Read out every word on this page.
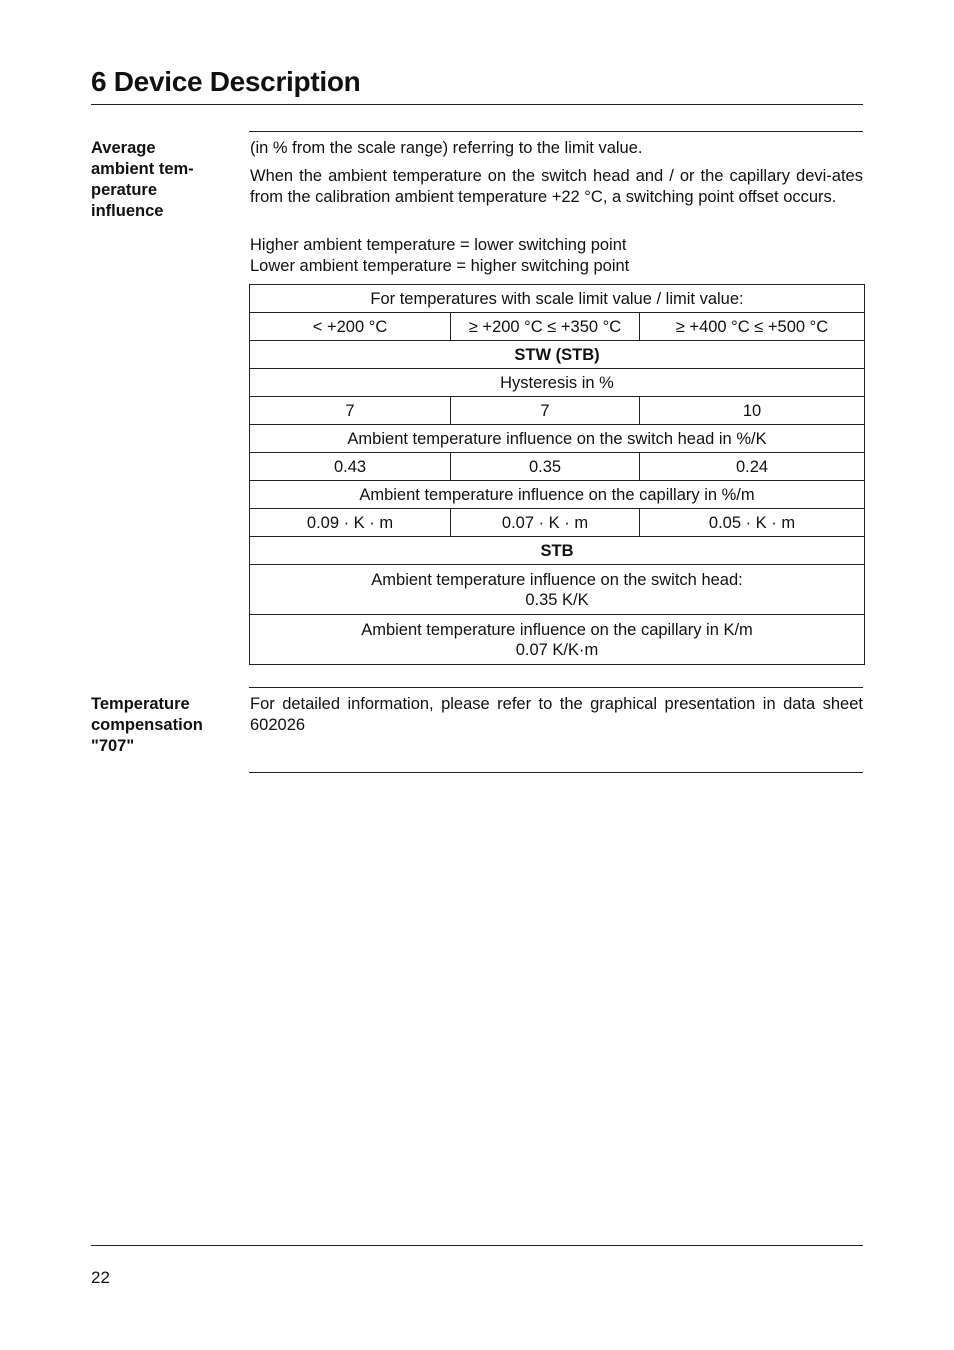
6 Device Description
Average
ambient tem-
perature
influence
(in % from the scale range) referring to the limit value.
When the ambient temperature on the switch head and / or the capillary devi-ates from the calibration ambient temperature +22 °C, a switching point offset occurs.

Higher ambient temperature = lower switching point

Lower ambient temperature = higher switching point

For temperatures with scale limit value / limit value:		
< +200 °C	≥ +200 °C ≤ +350 °C	≥ +400 °C ≤ +500 °C
STW (STB)		
Hysteresis in %		
7	7	10
Ambient temperature influence on the switch head in %/K		
0.43	0.35	0.24
Ambient temperature influence on the capillary in %/m		
0.09 · K · m	0.07 · K · m	0.05 · K · m
STB		

Ambient temperature influence on the switch head:
0.35 K/K		

Ambient temperature influence on the capillary in K/m
0.07 K/K·m		
Temperature
compensation
"707"
For detailed information, please refer to the graphical presentation in data sheet 602026
22
